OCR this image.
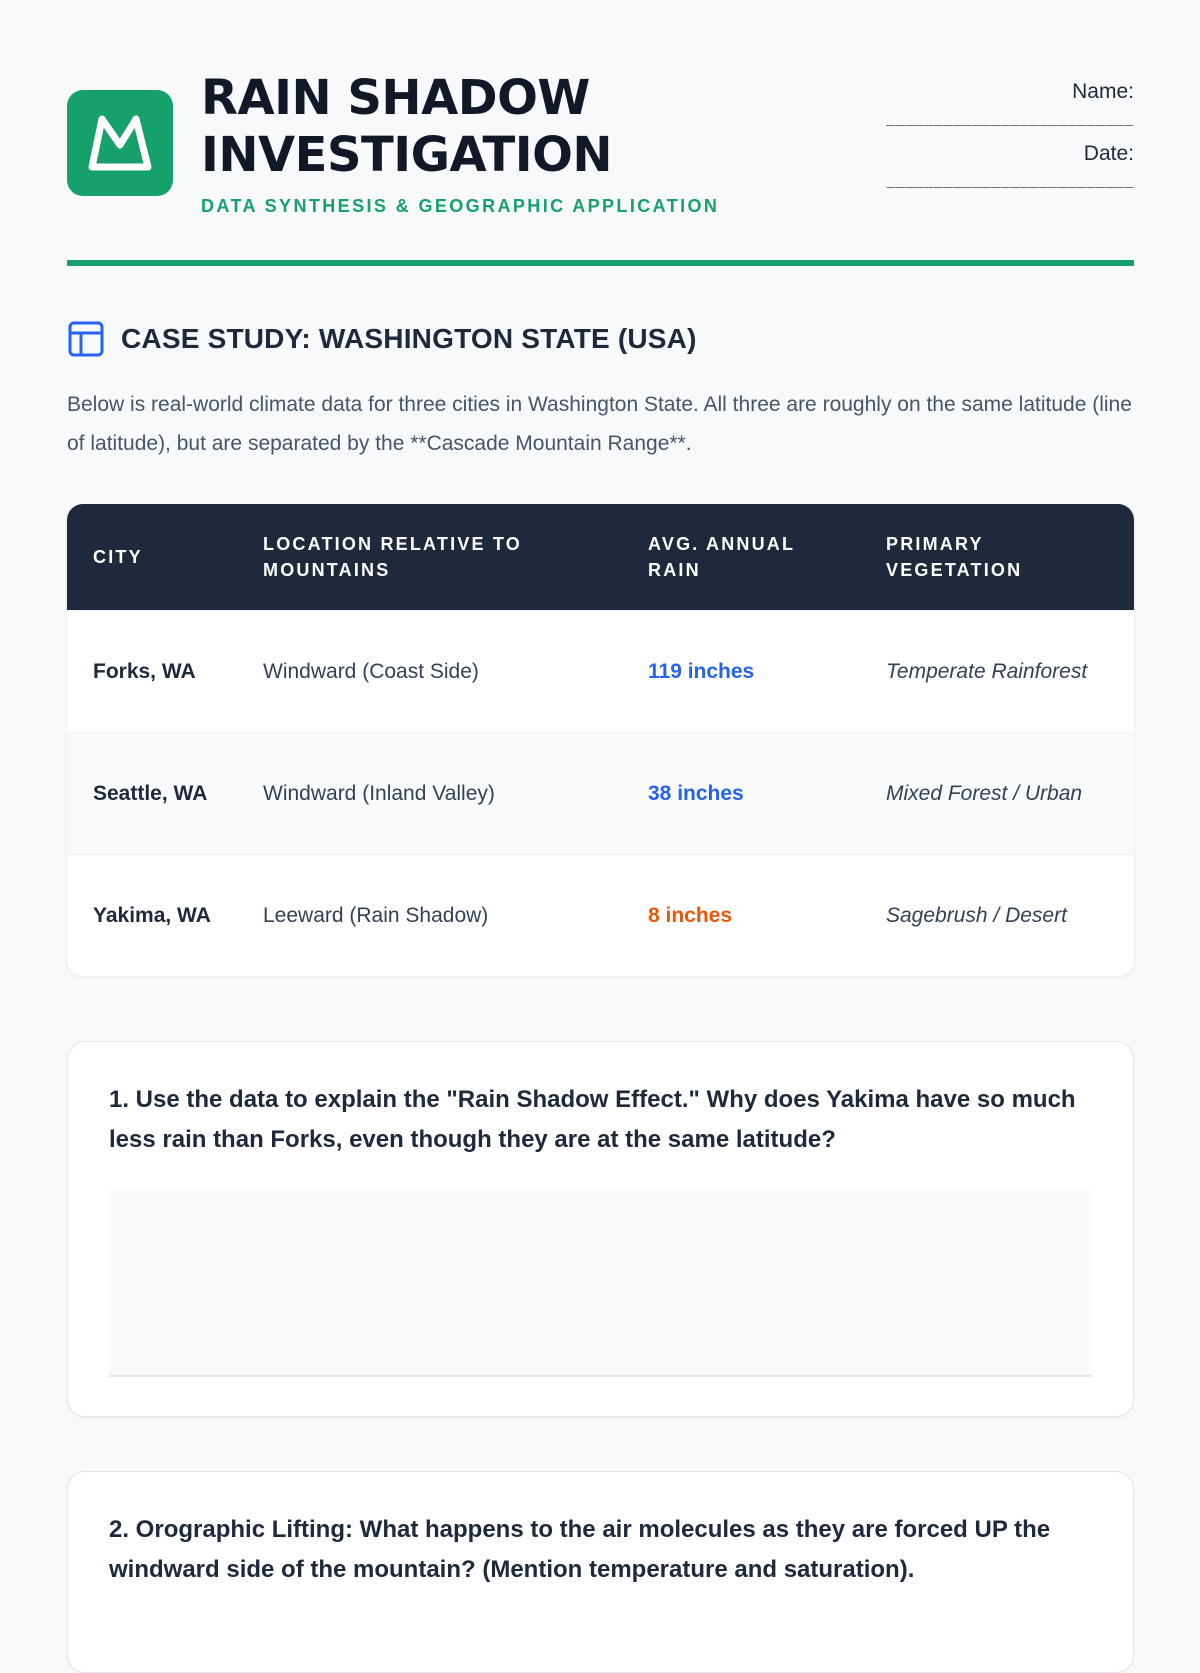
RAIN SHADOW
INVESTIGATION
DATA SYNTHESIS & GEOGRAPHIC APPLICATION
Name:
__________________________
Date:
__________________________
CASE STUDY: WASHINGTON STATE (USA)

Below is real-world climate data for three cities in Washington State. All three are roughly on the same latitude (line of latitude), but are separated by the **Cascade Mountain Range**.

CITY	LOCATION RELATIVE TO MOUNTAINS	AVG. ANNUAL RAIN	PRIMARY VEGETATION
Forks, WA	Windward (Coast Side)	119 inches	Temperate Rainforest
Seattle, WA	Windward (Inland Valley)	38 inches	Mixed Forest / Urban
Yakima, WA	Leeward (Rain Shadow)	8 inches	Sagebrush / Desert

1. Use the data to explain the "Rain Shadow Effect." Why does Yakima have so much less rain than Forks, even though they are at the same latitude?

2. Orographic Lifting: What happens to the air molecules as they are forced UP the windward side of the mountain? (Mention temperature and saturation).
